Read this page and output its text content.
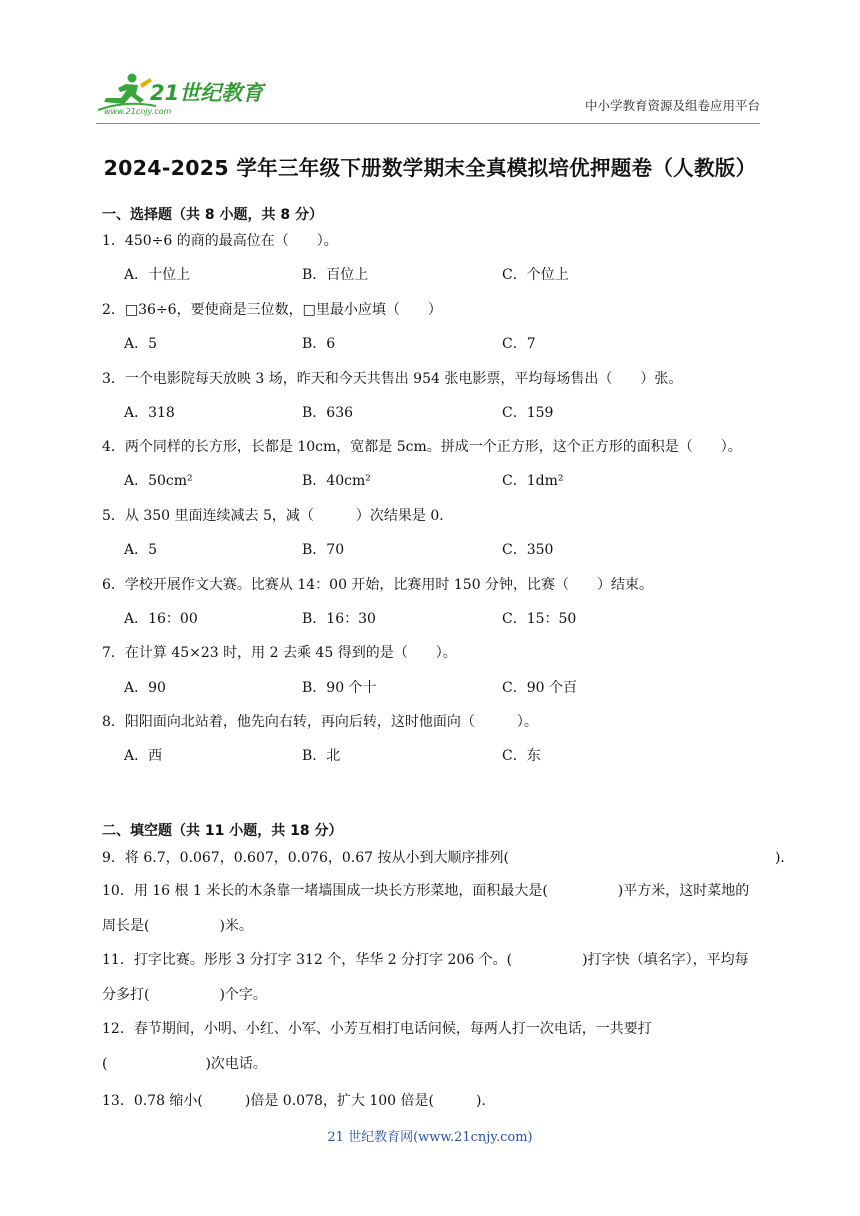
21世纪教育
www.21cnjy.com	中小学教育资源及组卷应用平台
2024-2025 学年三年级下册数学期末全真模拟培优押题卷（人教版）
一、选择题（共 8 小题，共 8 分）
1．450÷6 的商的最高位在（　　）。
A．十位上	B．百位上	C．个位上
2．□36÷6，要使商是三位数，□里最小应填（　　）
A．5	B．6	C．7
3．一个电影院每天放映 3 场，昨天和今天共售出 954 张电影票，平均每场售出（　　）张。
A．318	B．636	C．159
4．两个同样的长方形，长都是 10cm，宽都是 5cm。拼成一个正方形，这个正方形的面积是（　　）。
A．50cm²	B．40cm²	C．1dm²
5．从 350 里面连续减去 5，减（　　　）次结果是 0．
A．5	B．70	C．350
6．学校开展作文大赛。比赛从 14：00 开始，比赛用时 150 分钟，比赛（　　）结束。
A．16：00	B．16：30	C．15：50
7．在计算 45×23 时，用 2 去乘 45 得到的是（　　）。
A．90	B．90 个十	C．90 个百
8．阳阳面向北站着，他先向右转，再向后转，这时他面向（　　　）。
A．西	B．北	C．东
二、填空题（共 11 小题，共 18 分）
9．将 6.7，0.067，0.607，0.076，0.67 按从小到大顺序排列(　　　　　　　　　　　　　　　　　　　)．
10．用 16 根 1 米长的木条靠一堵墙围成一块长方形菜地，面积最大是(　　　　　)平方米，这时菜地的周长是(　　　　　)米。
11．打字比赛。彤彤 3 分打字 312 个，华华 2 分打字 206 个。(　　　　　)打字快（填名字），平均每分多打(　　　　　)个字。
12．春节期间，小明、小红、小军、小芳互相打电话问候，每两人打一次电话，一共要打(　　　　　　　)次电话。
13．0.78 缩小(　　　)倍是 0.078，扩大 100 倍是(　　　).
21 世纪教育网(www.21cnjy.com)
